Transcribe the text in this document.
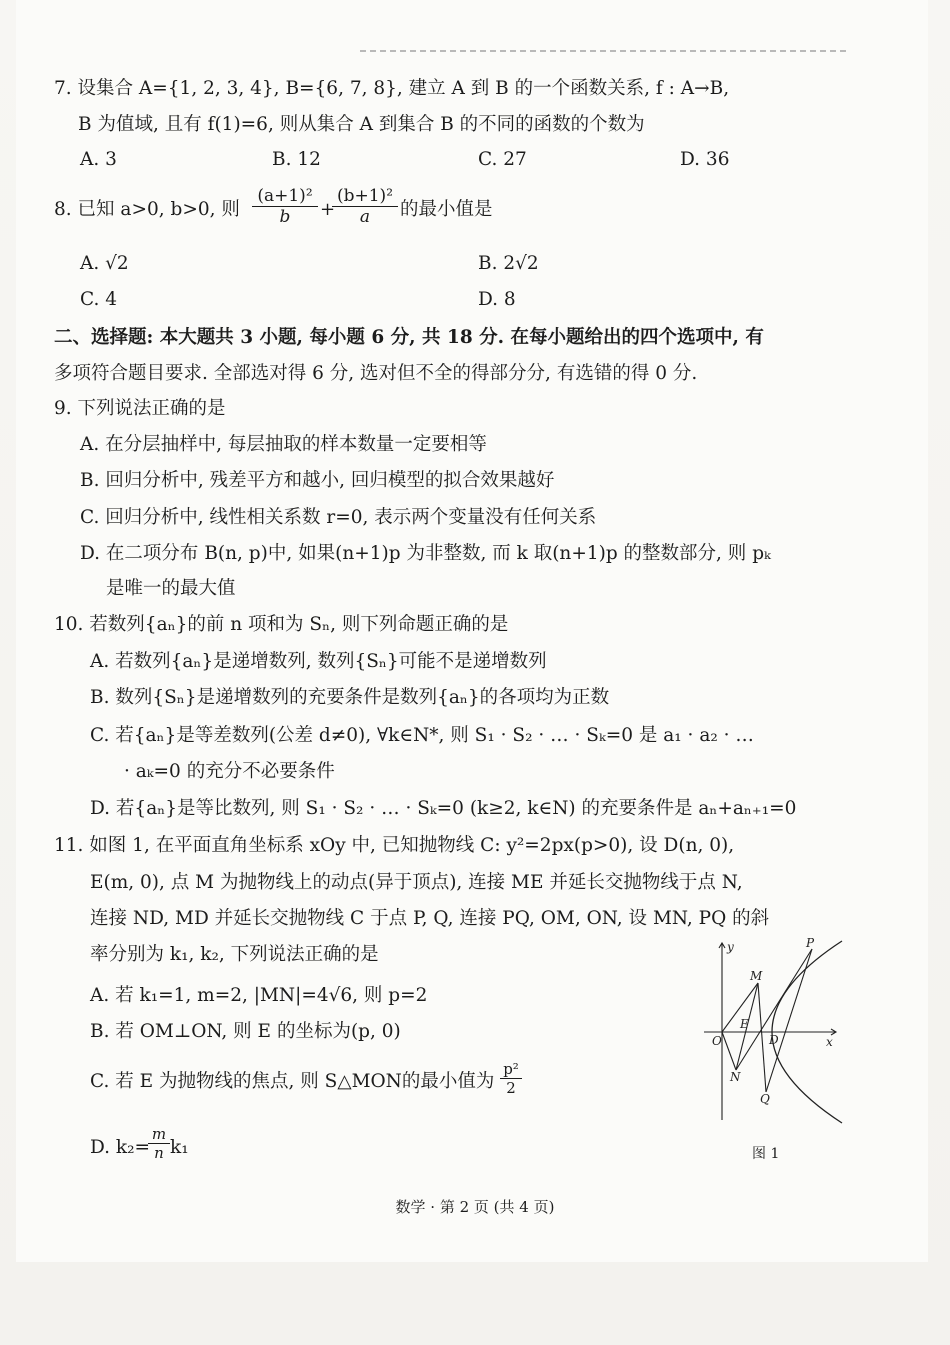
7. 设集合 A={1, 2, 3, 4}, B={6, 7, 8}, 建立 A 到 B 的一个函数关系, f : A→B,
B 为值域, 且有 f(1)=6, 则从集合 A 到集合 B 的不同的函数的个数为
A. 3	B. 12	C. 27	D. 36
8. 已知 a>0, b>0, 则 $\frac{\text{(a+1)²}}{b}$ +
$\frac{\text{(b+1)²}}{a}$ 的最小值是
A. √2	B. 2√2
C. 4	D. 8
二、选择题: 本大题共 3 小题, 每小题 6 分, 共 18 分. 在每小题给出的四个选项中, 有
多项符合题目要求. 全部选对得 6 分, 选对但不全的得部分分, 有选错的得 0 分.
9. 下列说法正确的是
A. 在分层抽样中, 每层抽取的样本数量一定要相等
B. 回归分析中, 残差平方和越小, 回归模型的拟合效果越好
C. 回归分析中, 线性相关系数 r=0, 表示两个变量没有任何关系
D. 在二项分布 B(n, p)中, 如果(n+1)p 为非整数, 而 k 取(n+1)p 的整数部分, 则 pₖ
是唯一的最大值
10. 若数列{aₙ}的前 n 项和为 Sₙ, 则下列命题正确的是
A. 若数列{aₙ}是递增数列, 数列{Sₙ}可能不是递增数列
B. 数列{Sₙ}是递增数列的充要条件是数列{aₙ}的各项均为正数
C. 若{aₙ}是等差数列(公差 d≠0), ∀k∈N*, 则 S₁ · S₂ · … · Sₖ=0 是 a₁ · a₂ · …
· aₖ=0 的充分不必要条件
D. 若{aₙ}是等比数列, 则 S₁ · S₂ · … · Sₖ=0 (k≥2, k∈N) 的充要条件是 aₙ+aₙ₊₁=0
11. 如图 1, 在平面直角坐标系 xOy 中, 已知抛物线 C: y²=2px(p>0), 设 D(n, 0),
E(m, 0), 点 M 为抛物线上的动点(异于顶点), 连接 ME 并延长交抛物线于点 N,
连接 ND, MD 并延长交抛物线 C 于点 P, Q, 连接 PQ, OM, ON, 设 MN, PQ 的斜
率分别为 k₁, k₂, 下列说法正确的是
A. 若 k₁=1, m=2, |MN|=4√6, 则 p=2
B. 若 OM⊥ON, 则 E 的坐标为(p, 0)
C. 若 E 为抛物线的焦点, 则 S△MON的最小值为 $\frac{\text{p²}}{2}$
D. k₂=
$\frac{m}{n} k_1$
y
x
O
M
E
D
N
P
Q
图 1
数学 · 第 2 页 (共 4 页)
